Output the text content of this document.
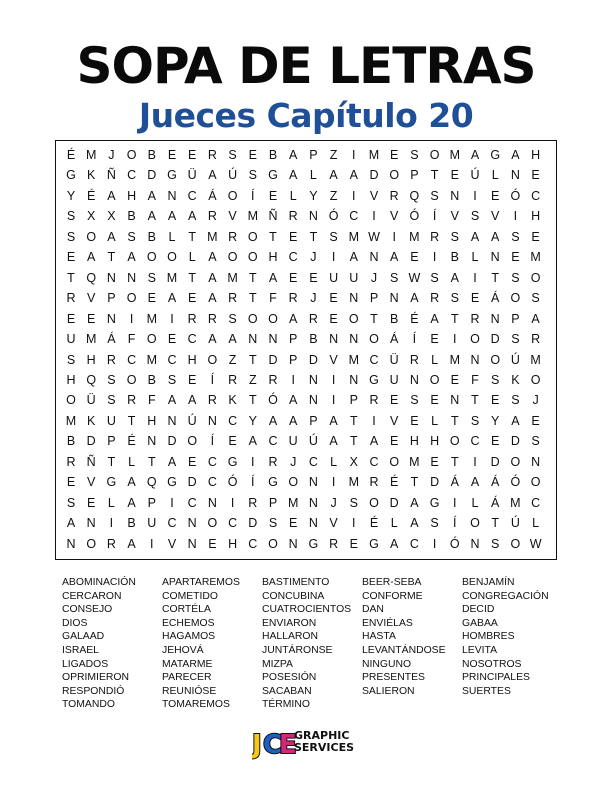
SOPA DE LETRAS
Jueces Capítulo 20
É M J O B E E R S E B A P Z	I	M E S O M A G A H
G K Ñ C D G Ü A Ú S G A	L	A A D O P T E Ú L N E
Y É A H A N C Á O	Í	E	L	Y Z	I	V R Q S N	I	E Ó C
S X X B A A A R V M Ñ R N Ó C	I	V Ó	Í	V S V	I	H
S O A S B	L	T M R O T E T S M W	I	M R S A A S E
E A T A O O L	A O O H C	J	I	A N A E	I	B	L N E M
T Q N N S M T A M T A E E U U	J	S W S A	I	T S O
R V P O E A E A R T	F R	J	E N P N A R S E Á O S
E E N	I	M	I	R R S O O A R E O T B É A T R N P A
U M Á F O E C A A N N P B N N O Á	Í	E	I	O D S R
S H R C M C H O Z	T D P D V M C Ü R L M N O Ú M
H Q S O B S E	Í	R Z R	I	N	I	N G U N O E F S K O
O Ü S R F A A R K T Ó A N	I	P R E S E N T E S	J
M K U T H N Ú N C Y A A P A T	I	V E	L	T S Y A E
B D P É N D O	Í	E A C U Ú A T A E H H O C E D S
R Ñ T	L	T A E C G	I	R	J	C L	X C O M E T	I	D O N
E V G A Q G D C Ó	Í	G O N	I	M R É T D Á A Á Ó O
S E	L	A P	I	C N	I	R P M N	J	S O D A G	I	L	Á M C
A N	I	B U C N O C D S E N V	I	É	L	A S	Í	O T Ú L
N O R A	I	V N E H C O N G R E G A C	I	Ó N S O W
ABOMINACIÓN
CERCARON
CONSEJO
DIOS
GALAAD
ISRAEL
LIGADOS
OPRIMIERON
RESPONDIÓ
TOMANDO
APARTAREMOS
COMETIDO
CORTÉLA
ECHEMOS
HAGAMOS
JEHOVÁ
MATARME
PARECER
REUNIÓSE
TOMAREMOS
BASTIMENTO
CONCUBINA
CUATROCIENTOS
ENVIARON
HALLARON
JUNTÁRONSE
MIZPA
POSESIÓN
SACABAN
TÉRMINO
BEER-SEBA
CONFORME
DAN
ENVIÉLAS
HASTA
LEVANTÁNDOSE
NINGUNO
PRESENTES
SALIERON
BENJAMÍN
CONGREGACIÓN
DECID
GABAA
HOMBRES
LEVITA
NOSOTROS
PRINCIPALES
SUERTES
J C
E
GRAPHIC
SERVICES
